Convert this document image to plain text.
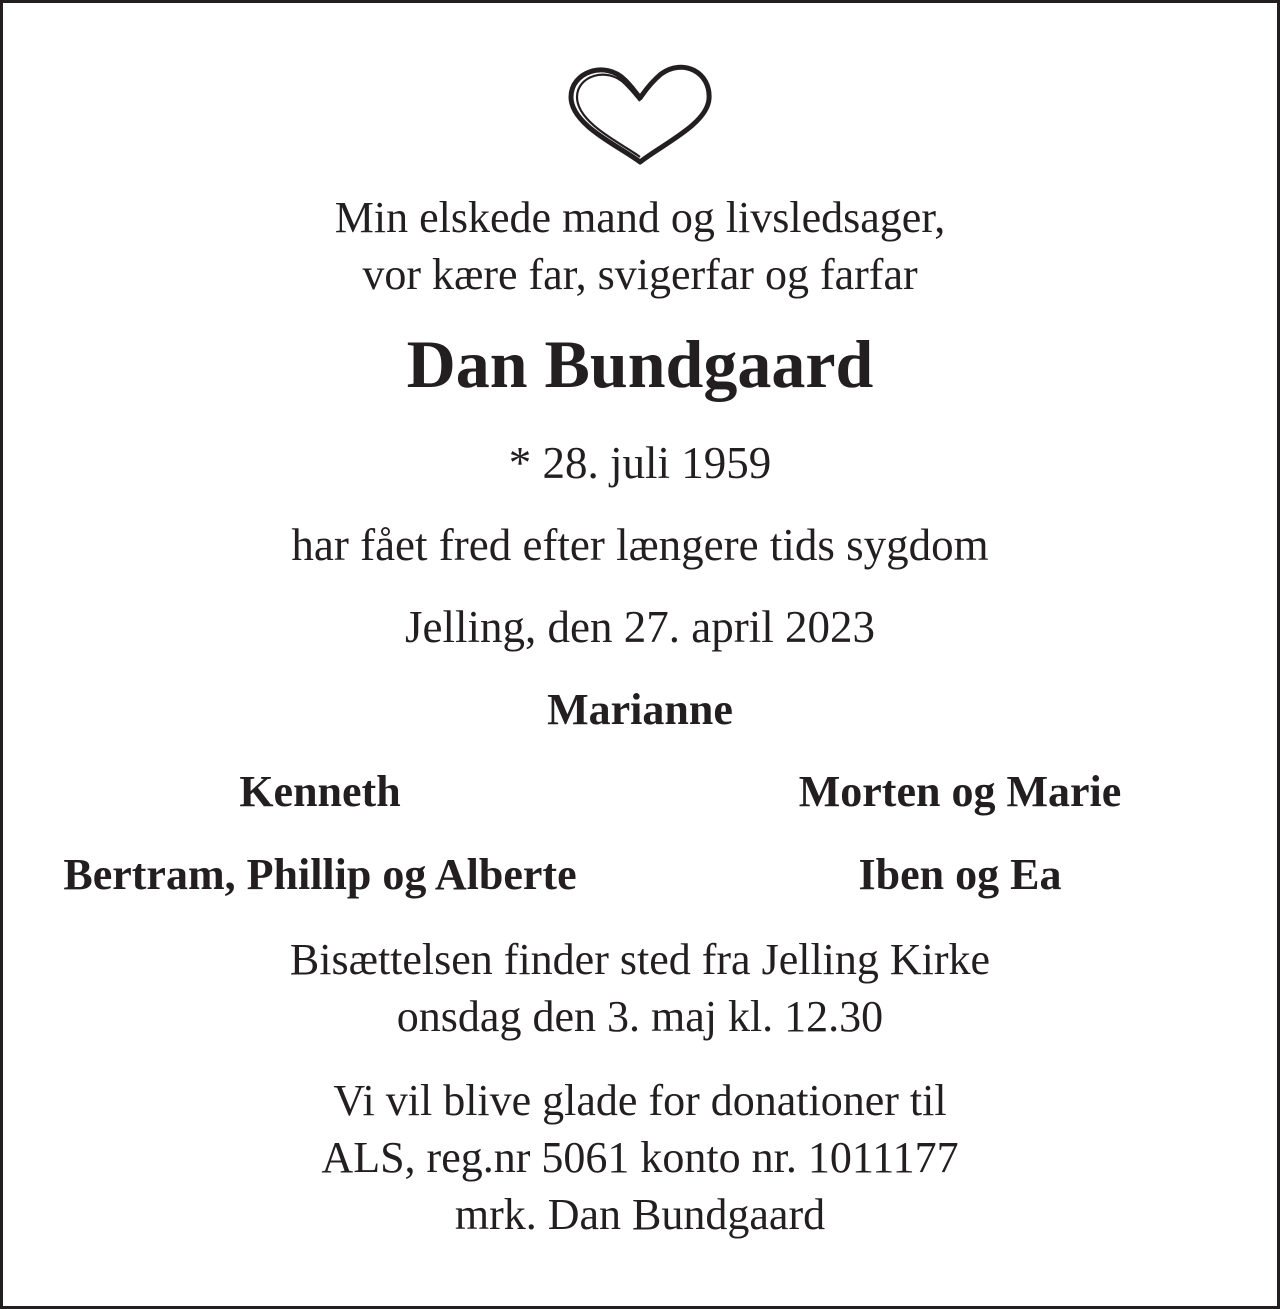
Min elskede mand og livsledsager,
vor kære far, svigerfar og farfar
Dan Bundgaard
* 28. juli 1959
har fået fred efter længere tids sygdom
Jelling, den 27. april 2023
Marianne
Kenneth	Morten og Marie
Bertram, Phillip og Alberte	Iben og Ea
Bisættelsen finder sted fra Jelling Kirke
onsdag den 3. maj kl. 12.30
Vi vil blive glade for donationer til
ALS, reg.nr 5061 konto nr. 1011177
mrk. Dan Bundgaard
